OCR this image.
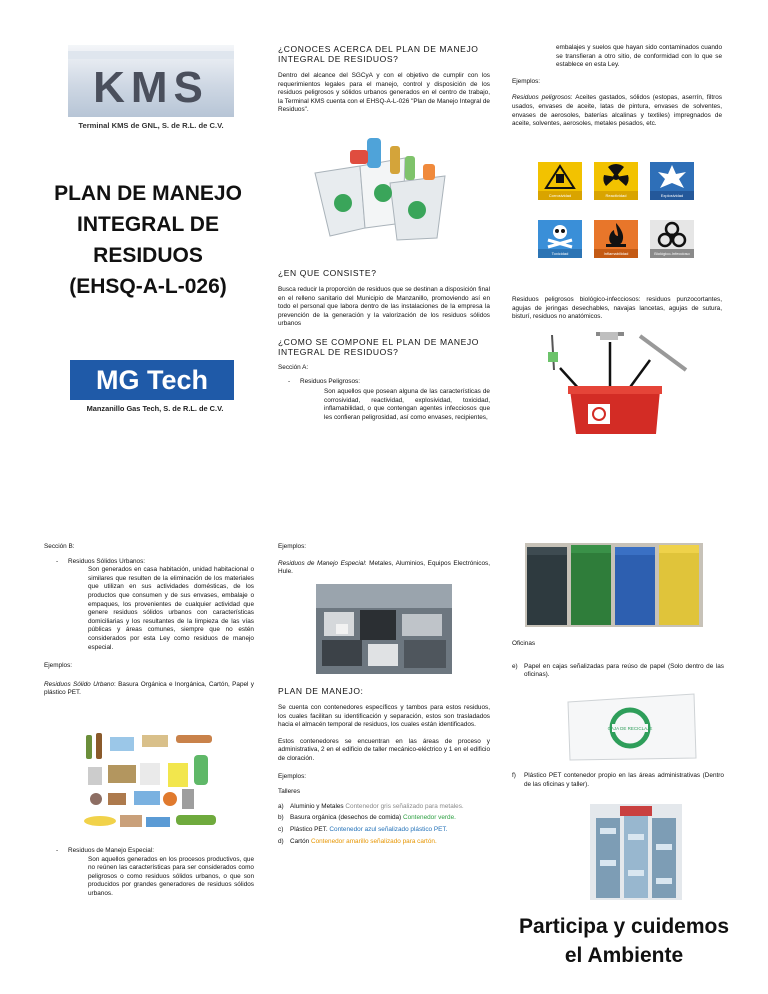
KMS
Terminal KMS de GNL, S. de R.L. de C.V.
PLAN DE MANEJO
INTEGRAL DE
RESIDUOS
(EHSQ-A-L-026)
MG Tech
Manzanillo Gas Tech, S. de R.L. de C.V.
¿CONOCES ACERCA DEL PLAN DE MANEJO INTEGRAL DE RESIDUOS?
Dentro del alcance del SGCyA y con el objetivo de cumplir con los requerimientos legales para el manejo, control y disposición de los residuos peligrosos y sólidos urbanos generados en el centro de trabajo, la Terminal KMS cuenta con el EHSQ-A-L-026 "Plan de Manejo Integral de Residuos".
¿EN QUE CONSISTE?
Busca reducir la proporción de residuos que se destinan a disposición final en el relleno sanitario del Municipio de Manzanillo, promoviendo así en todo el personal que labora dentro de las instalaciones de la empresa la prevención de la generación y la valorización de los residuos sólidos urbanos
¿COMO SE COMPONE EL PLAN DE MANEJO INTEGRAL DE RESIDUOS?
Sección A:
-	Residuos Peligrosos:
Son aquellos que posean alguna de las características de corrosividad, reactividad, explosividad, toxicidad, inflamabilidad, o que contengan agentes infecciosos que les confieran peligrosidad, así como envases, recipientes,
embalajes y suelos que hayan sido contaminados cuando se transfieran a otro sitio, de conformidad con lo que se establece en esta Ley.
Ejemplos:
Residuos peligrosos: Aceites gastados, sólidos (estopas, aserrín, filtros usados, envases de aceite, latas de pintura, envases de solventes, envases de aerosoles, baterías alcalinas y textiles) impregnados de aceite, solventes, aerosoles, metales pesados, etc.
Corrosividad	Reactividad	Explosividad
Toxicidad	Inflamabilidad	Biológico-Infeccioso
Residuos peligrosos biológico-infecciosos: residuos punzocortantes, agujas de jeringas desechables, navajas lancetas, agujas de sutura, bisturí, residuos no anatómicos.
Sección B:
-	Residuos Sólidos Urbanos:
Son generados en casa habitación, unidad habitacional o similares que resulten de la eliminación de los materiales que utilizan en sus actividades domésticas, de los productos que consumen y de sus envases, embalaje o empaques, los provenientes de cualquier actividad que genere residuos sólidos urbanos con características domiciliarias y los resultantes de la limpieza de las vías públicas y áreas comunes, siempre que no estén considerados por esta Ley como residuos de manejo especial.
Ejemplos:
Residuos Sólido Urbano: Basura Orgánica e Inorgánica, Cartón, Papel y plástico PET.
-	Residuos de Manejo Especial:
Son aquellos generados en los procesos productivos, que no reúnen las características para ser considerados como peligrosos o como residuos sólidos urbanos, o que son producidos por grandes generadores de residuos sólidos urbanos.
Ejemplos:
Residuos de Manejo Especial: Metales, Aluminios, Equipos Electrónicos, Hule.
PLAN DE MANEJO:
Se cuenta con contenedores específicos y tambos para estos residuos, los cuales facilitan su identificación y separación, estos son trasladados hacia el almacén temporal de residuos, los cuales están identificados.
Estos contenedores se encuentran en las áreas de proceso y administrativa, 2 en el edificio de taller mecánico-eléctrico y 1 en el edificio de cloración.
Ejemplos:
Talleres
a) Aluminio y Metales Contenedor gris señalizado para metales.
b) Basura orgánica (desechos de comida) Contenedor verde.
c)	Plástico PET. Contenedor azul señalizado plástico PET.
d) Cartón Contenedor amarillo señalizado para cartón.
Oficinas
e) Papel en cajas señalizadas para reúso de papel (Solo dentro de las oficinas).
CAJA DE RECICLAJE
f)	Plástico PET contenedor propio en las áreas administrativas (Dentro de las oficinas y taller).
Participa y cuidemos
el Ambiente
